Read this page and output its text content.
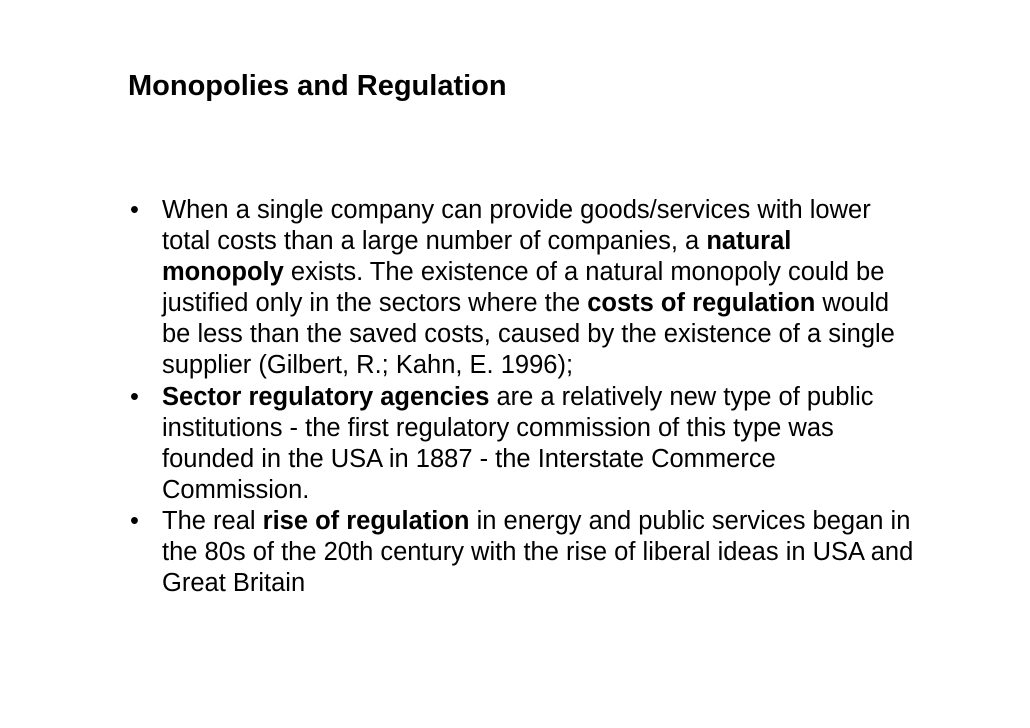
Monopolies and Regulation
• When a single company can provide goods/services with lower total costs than a large number of companies, a natural monopoly exists. The existence of a natural monopoly could be justified only in the sectors where the costs of regulation would be less than the saved costs, caused by the existence of a single supplier (Gilbert, R.; Kahn, E. 1996);
• Sector regulatory agencies are a relatively new type of public institutions - the first regulatory commission of this type was founded in the USA in 1887 - the Interstate Commerce Commission.
• The real rise of regulation in energy and public services began in the 80s of the 20th century with the rise of liberal ideas in USA and Great Britain
